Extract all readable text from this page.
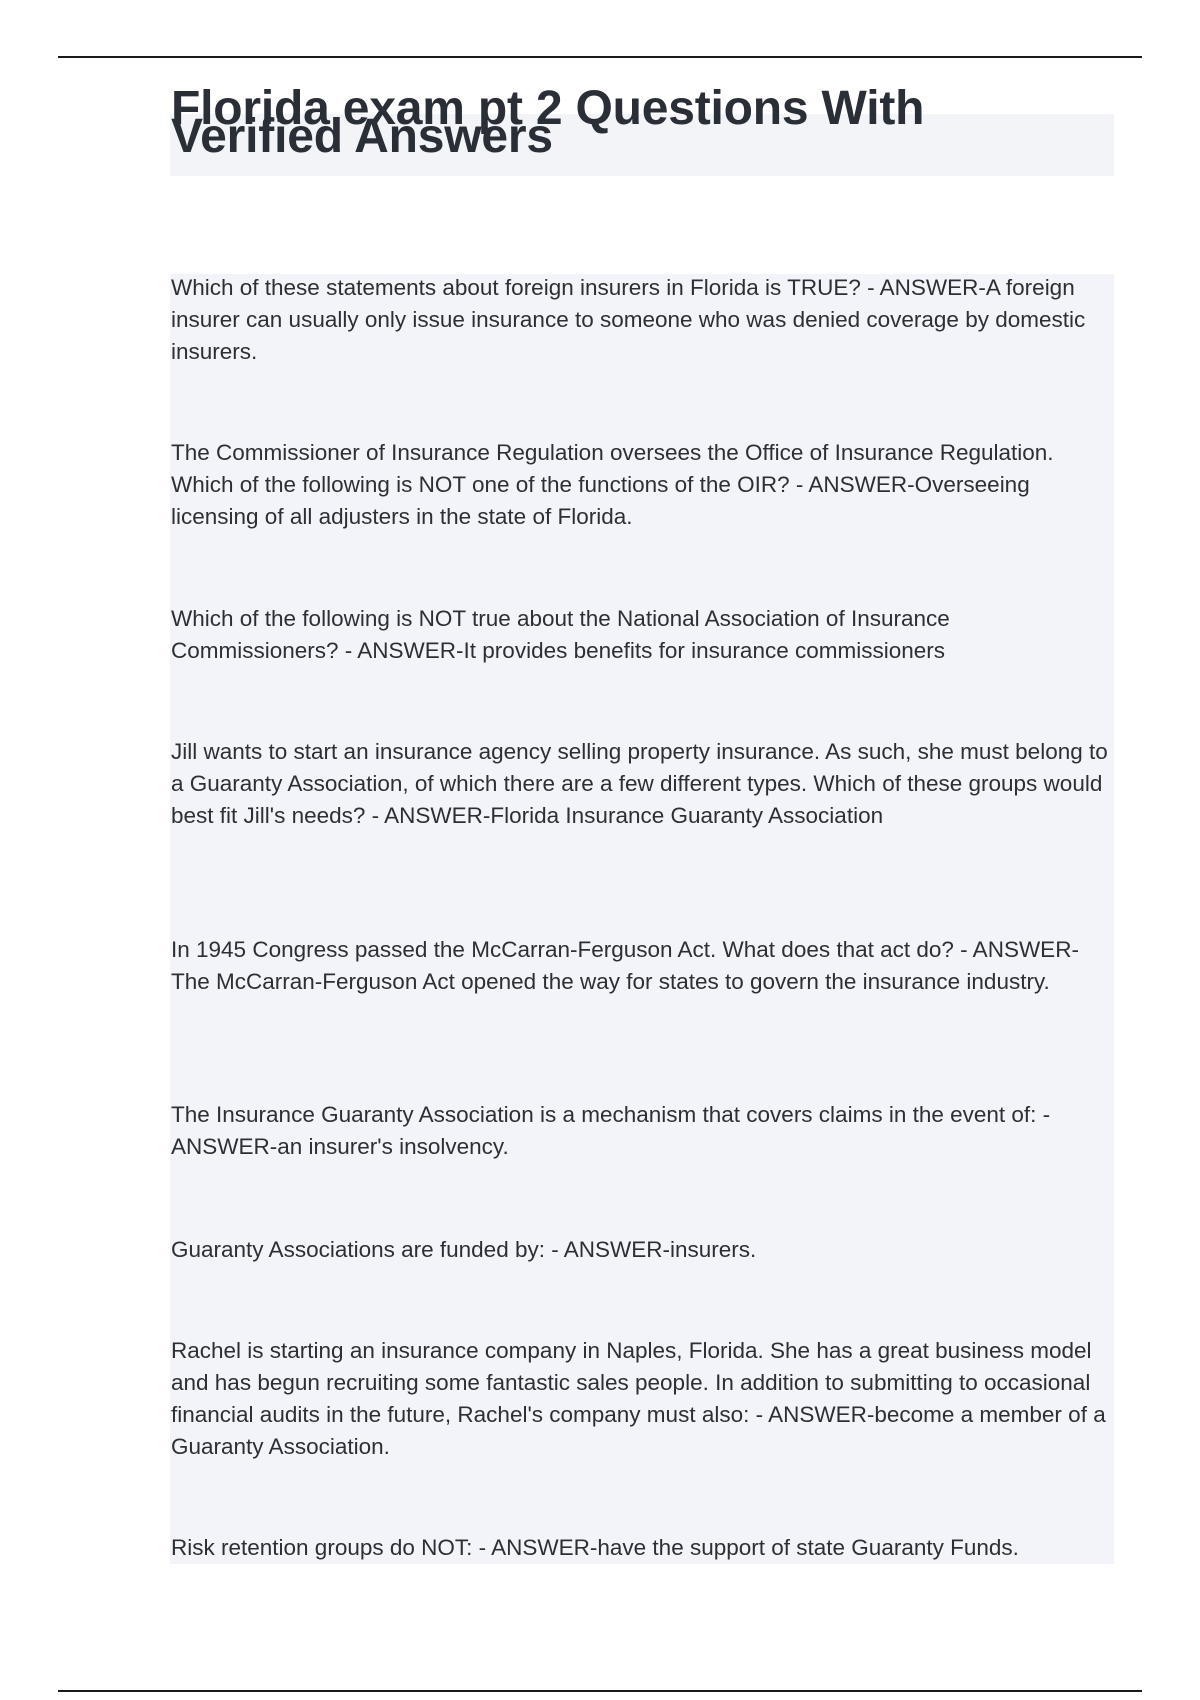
Florida exam pt 2 Questions With Verified Answers

Which of these statements about foreign insurers in Florida is TRUE? - ANSWER-A foreign insurer can usually only issue insurance to someone who was denied coverage by domestic insurers.

The Commissioner of Insurance Regulation oversees the Office of Insurance Regulation. Which of the following is NOT one of the functions of the OIR? - ANSWER-Overseeing licensing of all adjusters in the state of Florida.

Which of the following is NOT true about the National Association of Insurance Commissioners? - ANSWER-It provides benefits for insurance commissioners

Jill wants to start an insurance agency selling property insurance. As such, she must belong to a Guaranty Association, of which there are a few different types. Which of these groups would best fit Jill's needs? - ANSWER-Florida Insurance Guaranty Association

In 1945 Congress passed the McCarran-Ferguson Act. What does that act do? - ANSWER-The McCarran-Ferguson Act opened the way for states to govern the insurance industry.

The Insurance Guaranty Association is a mechanism that covers claims in the event of: - ANSWER-an insurer's insolvency.

Guaranty Associations are funded by: - ANSWER-insurers.

Rachel is starting an insurance company in Naples, Florida. She has a great business model and has begun recruiting some fantastic sales people. In addition to submitting to occasional financial audits in the future, Rachel's company must also: - ANSWER-become a member of a Guaranty Association.

Risk retention groups do NOT: - ANSWER-have the support of state Guaranty Funds.
